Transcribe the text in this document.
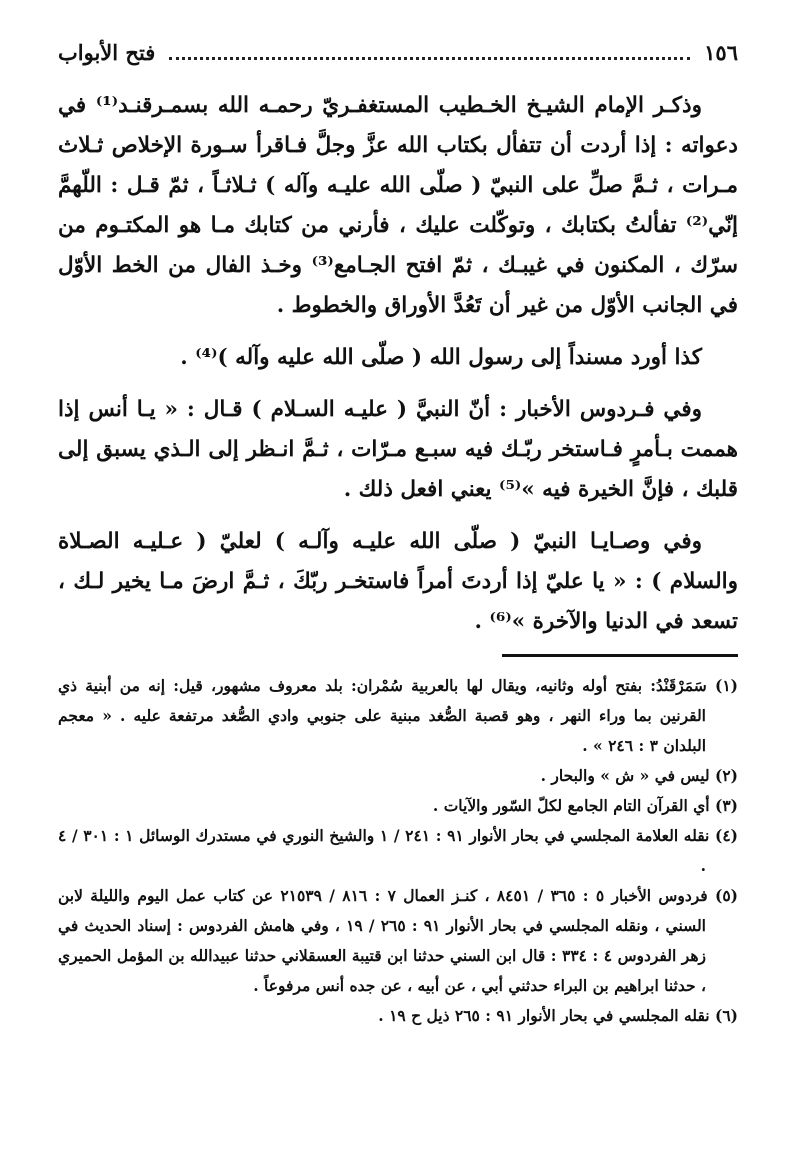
١٥٦
فتح الأبواب

وذكـر الإمام الشيـخ الخـطيب المستغفـريّ رحمـه الله بسمـرقنـد⁽¹⁾ في دعواته : إذا أردت أن تتفأل بكتاب الله عزَّ وجلَّ فـاقرأ سـورة الإخلاص ثـلاث مـرات ، ثـمَّ صلِّ على النبيّ ( صلّى الله عليـه وآله ) ثـلاثـاً ، ثمّ قـل : اللّهمَّ إنّي⁽²⁾ تفألتُ بكتابك ، وتوكّلت عليك ، فأرني من كتابك مـا هو المكتـوم من سرّك ، المكنون في غيبـك ، ثمّ افتح الجـامع⁽³⁾ وخـذ الفال من الخط الأوّل في الجانب الأوّل من غير أن تَعُدَّ الأوراق والخطوط .

كذا أورد مسنداً إلى رسول الله ( صلّى الله عليه وآله )⁽⁴⁾ .

وفي فـردوس الأخبار : أنّ النبيَّ ( عليـه السـلام ) قـال : « يـا أنس إذا هممت بـأمرٍ فـاستخر ربّـك فيه سبـع مـرّات ، ثـمَّ انـظر إلى الـذي يسبق إلى قلبك ، فإنَّ الخيرة فيه »⁽⁵⁾ يعني افعل ذلك .

وفي وصـايـا النبيّ ( صلّى الله عليـه وآلـه ) لعليّ ( عـليـه الصـلاة والسلام ) : « يا عليّ إذا أردتَ أمراً فاستخـر ربّكَ ، ثـمَّ ارضَ مـا يخير لـك ، تسعد في الدنيا والآخرة »⁽⁶⁾ .

(١) سَمَرْقَنْدُ: بفتح أوله وثانيه، ويقال لها بالعربية سُمْران: بلد معروف مشهور، قيل: إنه من أبنية ذي القرنين بما وراء النهر ، وهو قصبة الصُّغد مبنية على جنوبي وادي الصُّغد مرتفعة عليه . « معجم البلدان ٣ : ٢٤٦ » .

(٢) ليس في « ش » والبحار .

(٣) أي القرآن التام الجامع لكلّ السّور والآيات .

(٤) نقله العلامة المجلسي في بحار الأنوار ٩١ : ٢٤١ / ١ والشيخ النوري في مستدرك الوسائل ١ : ٣٠١ / ٤ .

(٥) فردوس الأخبار ٥ : ٣٦٥ / ٨٤٥١ ، كنـز العمال ٧ : ٨١٦ / ٢١٥٣٩ عن كتاب عمل اليوم والليلة لابن السني ، ونقله المجلسي في بحار الأنوار ٩١ : ٢٦٥ / ١٩ ، وفي هامش الفردوس : إسناد الحديث في زهر الفردوس ٤ : ٣٣٤ : قال ابن السني حدثنا ابن قتيبة العسقلاني حدثنا عبيدالله بن المؤمل الحميري ، حدثنا ابراهيم بن البراء حدثني أبي ، عن أبيه ، عن جده أنس مرفوعاً .

(٦) نقله المجلسي في بحار الأنوار ٩١ : ٢٦٥ ذيل ح ١٩ .
